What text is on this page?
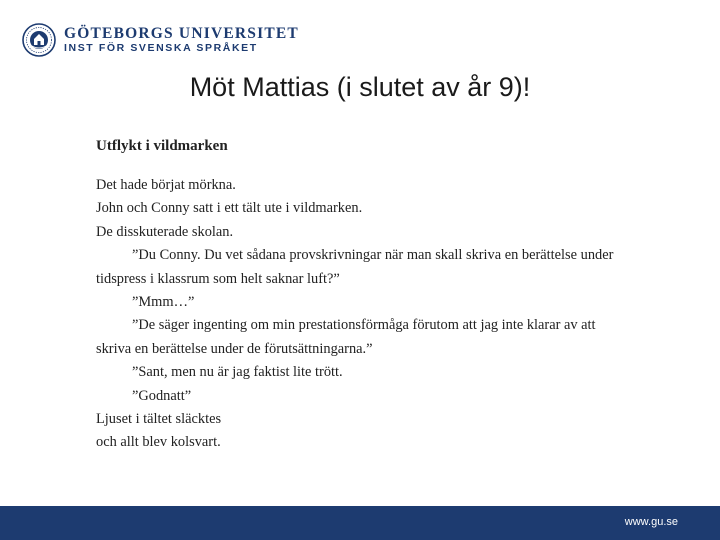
GÖTEBORGS UNIVERSITET
INST FÖR SVENSKA SPRÅKET
Möt Mattias (i slutet av år 9)!

Utflykt i vildmarken

Det hade börjat mörkna.

John och Conny satt i ett tält ute i vildmarken.

De disskuterade skolan.

”Du Conny. Du vet sådana provskrivningar när man skall skriva en berättelse under tidspress i klassrum som helt saknar luft?”

”Mmm…”

”De säger ingenting om min prestationsförmåga förutom att jag inte klarar av att skriva en berättelse under de förutsättningarna.”

”Sant, men nu är jag faktist lite trött.

”Godnatt”

Ljuset i tältet släcktes

och allt blev kolsvart.

www.gu.se
